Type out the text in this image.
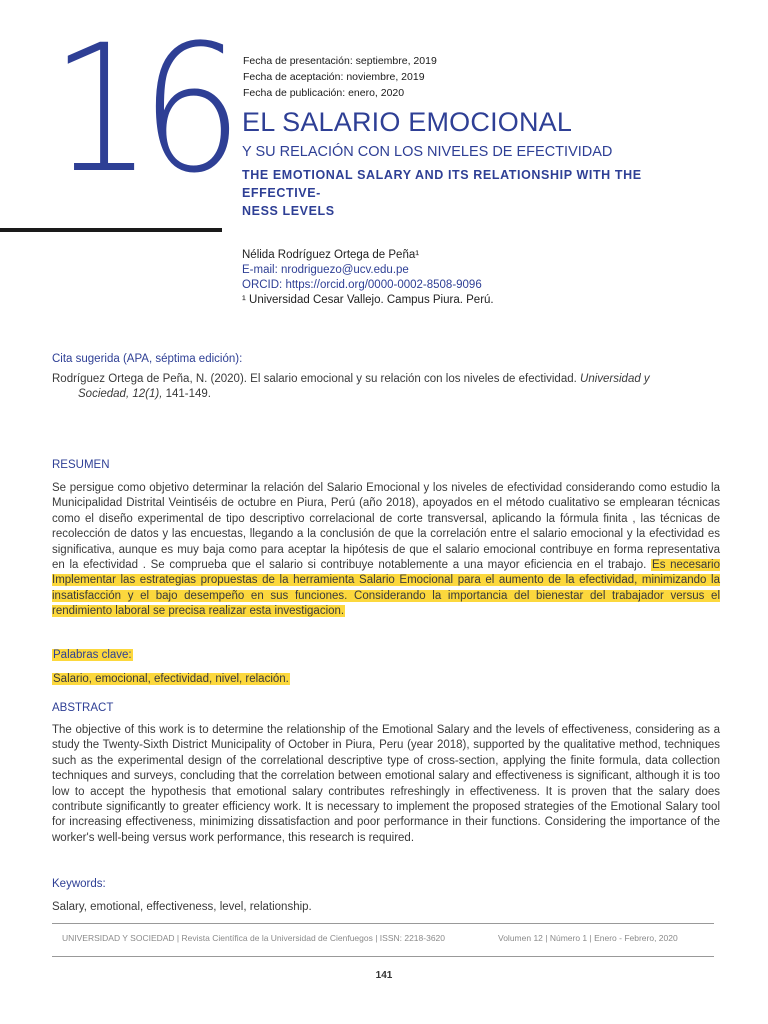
16 Fecha de presentación: septiembre, 2019
Fecha de aceptación: noviembre, 2019
Fecha de publicación: enero, 2020
EL SALARIO EMOCIONAL
Y SU RELACIÓN CON LOS NIVELES DE EFECTIVIDAD
THE EMOTIONAL SALARY AND ITS RELATIONSHIP WITH THE EFFECTIVE-
NESS LEVELS
Nélida Rodríguez Ortega de Peña¹
E-mail: nrodriguezo@ucv.edu.pe
ORCID: https://orcid.org/0000-0002-8508-9096
¹ Universidad Cesar Vallejo. Campus Piura. Perú.
Cita sugerida (APA, séptima edición):
Rodríguez Ortega de Peña, N. (2020). El salario emocional y su relación con los niveles de efectividad. Universidad y
Sociedad, 12(1), 141-149.
RESUMEN
Se persigue como objetivo determinar la relación del Salario Emocional y los niveles de efectividad considerando como estudio la Municipalidad Distrital Veintiséis de octubre en Piura, Perú (año 2018), apoyados en el método cualitativo se emplearan técnicas como el diseño experimental de tipo descriptivo correlacional de corte transversal, aplicando la fórmula finita , las técnicas de recolección de datos y las encuestas, llegando a la conclusión de que la correlación entre el salario emocional y la efectividad es significativa, aunque es muy baja como para aceptar la hipótesis de que el salario emocional contribuye en forma representativa en la efectividad . Se comprueba que el salario si contribuye notablemente a una mayor eficiencia en el trabajo. Es necesario Implementar las estrategias propuestas de la herramienta Salario Emocional para el aumento de la efectividad, minimizando la insatisfacción y el bajo desempeño en sus funciones. Considerando la importancia del bienestar del trabajador versus el rendimiento laboral se precisa realizar esta investigacion.
Palabras clave:
Salario, emocional, efectividad, nivel, relación.
ABSTRACT
The objective of this work is to determine the relationship of the Emotional Salary and the levels of effectiveness, considering as a study the Twenty-Sixth District Municipality of October in Piura, Peru (year 2018), supported by the qualitative method, techniques such as the experimental design of the correlational descriptive type of cross-section, applying the finite formula, data collection techniques and surveys, concluding that the correlation between emotional salary and effectiveness is significant, although it is too low to accept the hypothesis that emotional salary contributes refreshingly in effectiveness. It is proven that the salary does contribute significantly to greater efficiency work. It is necessary to implement the proposed strategies of the Emotional Salary tool for increasing effectiveness, minimizing dissatisfaction and poor performance in their functions. Considering the importance of the worker's well-being versus work performance, this research is required.
Keywords:
Salary, emotional, effectiveness, level, relationship.
UNIVERSIDAD Y SOCIEDAD | Revista Científica de la Universidad de Cienfuegos | ISSN: 2218-3620	Volumen 12 | Número 1 | Enero - Febrero, 2020
141
